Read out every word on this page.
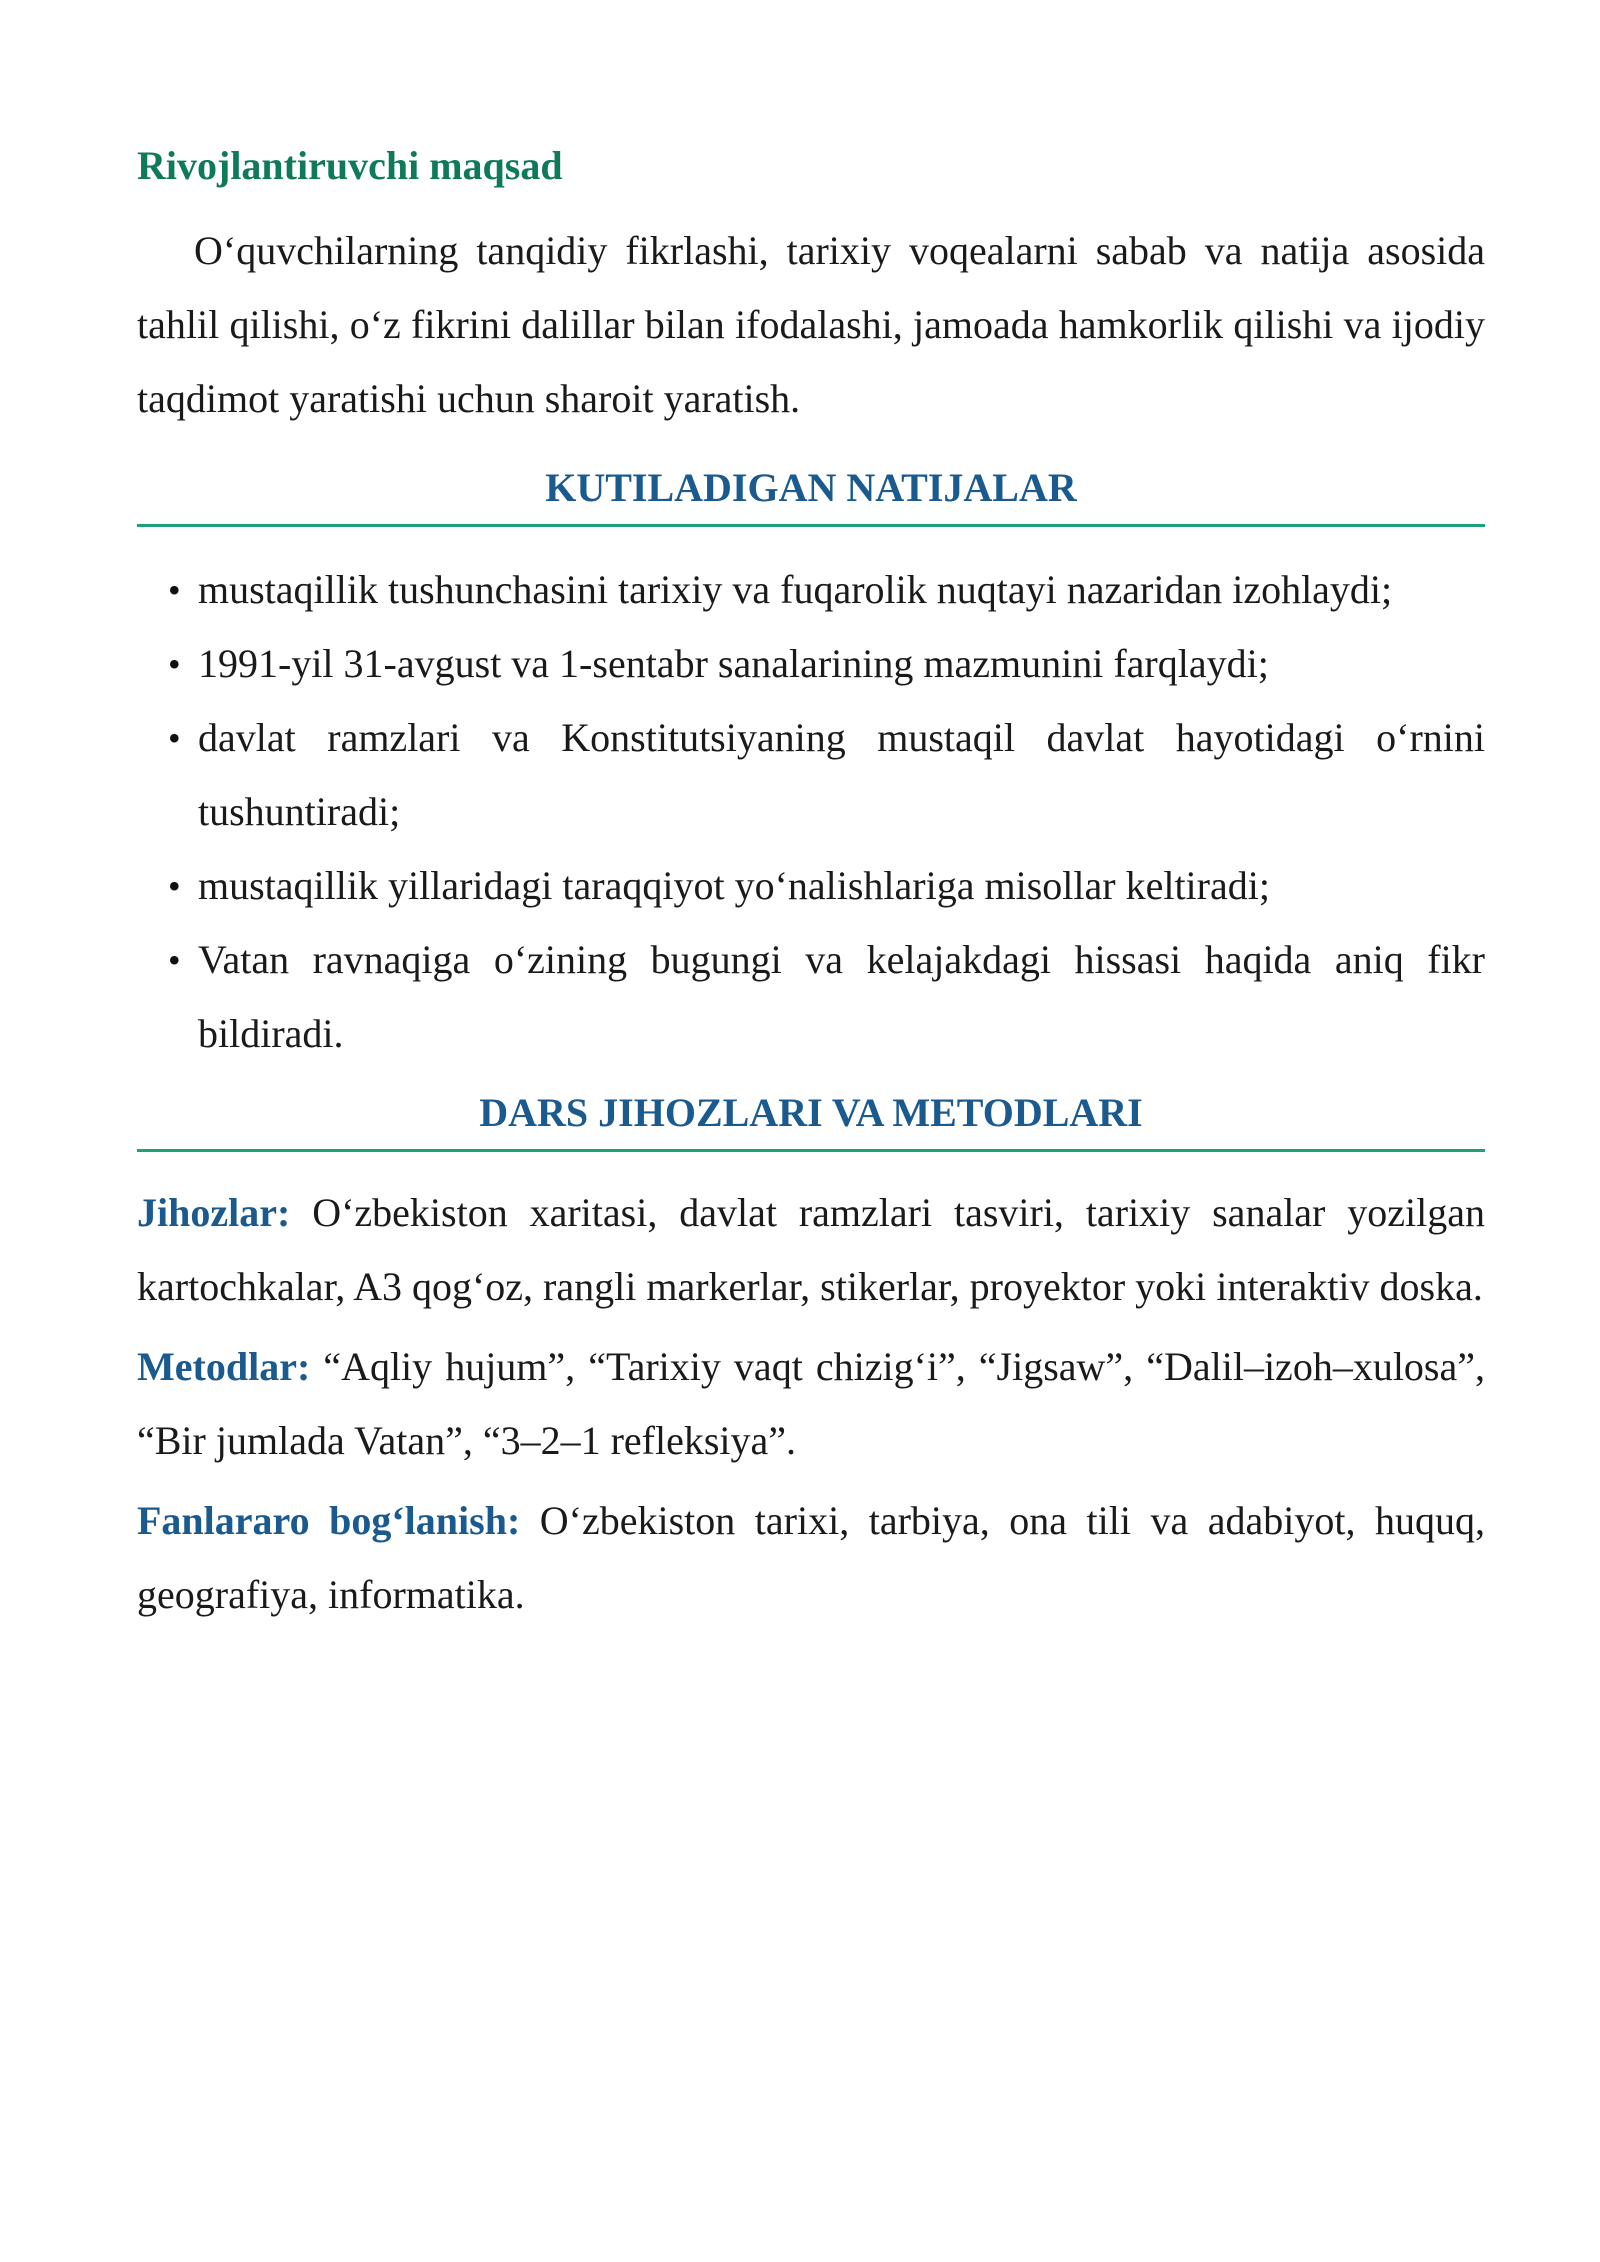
Rivojlantiruvchi maqsad

O‘quvchilarning tanqidiy fikrlashi, tarixiy voqealarni sabab va natija asosida tahlil qilishi, o‘z fikrini dalillar bilan ifodalashi, jamoada hamkorlik qilishi va ijodiy taqdimot yaratishi uchun sharoit yaratish.

KUTILADIGAN NATIJALAR
• mustaqillik tushunchasini tarixiy va fuqarolik nuqtayi nazaridan izohlaydi;
• 1991-yil 31-avgust va 1-sentabr sanalarining mazmunini farqlaydi;
• davlat ramzlari va Konstitutsiyaning mustaqil davlat hayotidagi o‘rnini tushuntiradi;
• mustaqillik yillaridagi taraqqiyot yo‘nalishlariga misollar keltiradi;
• Vatan ravnaqiga o‘zining bugungi va kelajakdagi hissasi haqida aniq fikr bildiradi.
DARS JIHOZLARI VA METODLARI

Jihozlar: O‘zbekiston xaritasi, davlat ramzlari tasviri, tarixiy sanalar yozilgan kartochkalar, A3 qog‘oz, rangli markerlar, stikerlar, proyektor yoki interaktiv doska.

Metodlar: “Aqliy hujum”, “Tarixiy vaqt chizig‘i”, “Jigsaw”, “Dalil–izoh–xulosa”, “Bir jumlada Vatan”, “3–2–1 refleksiya”.

Fanlararo bog‘lanish: O‘zbekiston tarixi, tarbiya, ona tili va adabiyot, huquq, geografiya, informatika.
